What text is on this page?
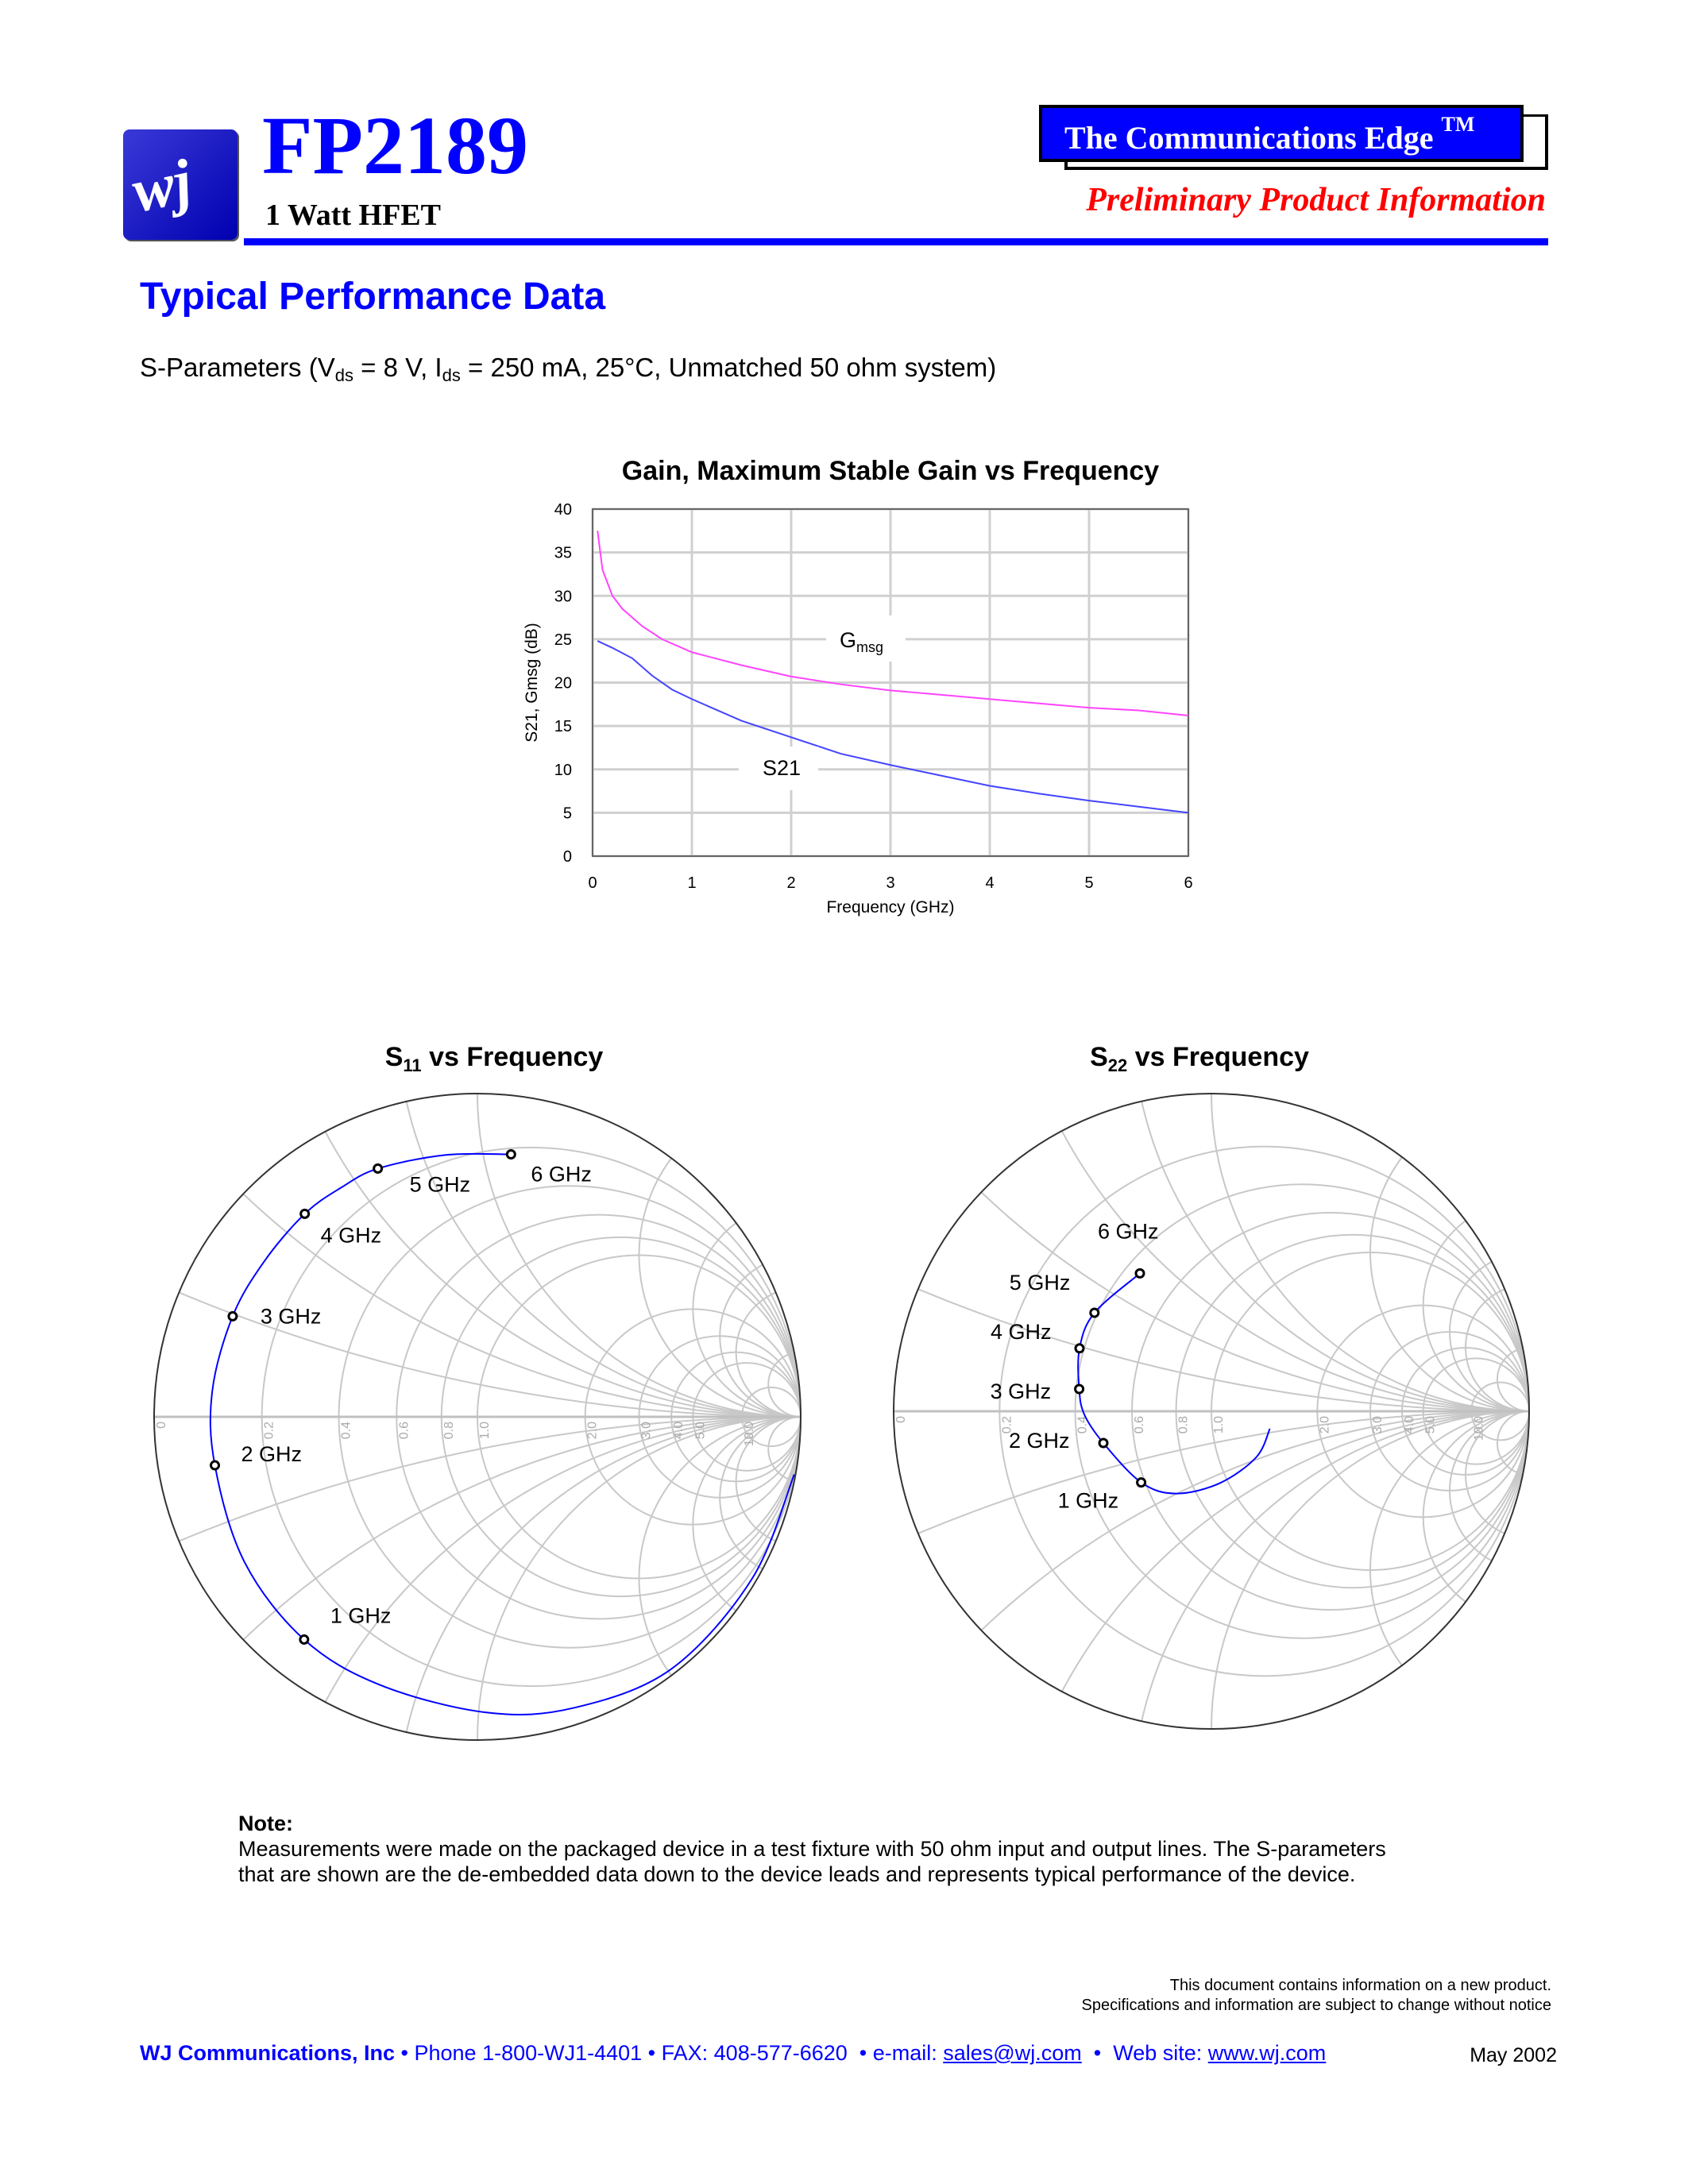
wj FP2189
1 Watt HFET
The Communications Edge ™
Preliminary Product Information
Typical Performance Data
S-Parameters ($V_{ds} = 8$ V, $I_{ds} = 250$ mA, 25°C, Unmatched 50 ohm system)
Gain, Maximum Stable Gain vs Frequency
0	1	2	3	4	5	6
0
5
10
15
20
25
30
35
40
Frequency (GHz)
S21, Gmsg (dB)	$G_{msg}$
S21
$S_{11}$ vs Frequency	$S_{22}$ vs Frequency
0	0.2	0.4	0.6 0.8 1.0	2.0	3.0 4.0 5.0	10.0
1 GHz
2 GHz
3 GHz
4 GHz
5 GHz	6 GHz
0	0.2	0.4	0.6 0.8 1.0	2.0	3.0 4.0 5.0	10.0
1 GHz
2 GHz
3 GHz
4 GHz
5 GHz
6 GHz
Note:
Measurements were made on the packaged device in a test fixture with 50 ohm input and output lines. The S-parameters
that are shown are the de-embedded data down to the device leads and represents typical performance of the device.
This document contains information on a new product.
Specifications and information are subject to change without notice
WJ Communications, Inc • Phone 1-800-WJ1-4401 • FAX: 408-577-6620  • e-mail: sales@wj.com  •  Web site: www.wj.com	May 2002
